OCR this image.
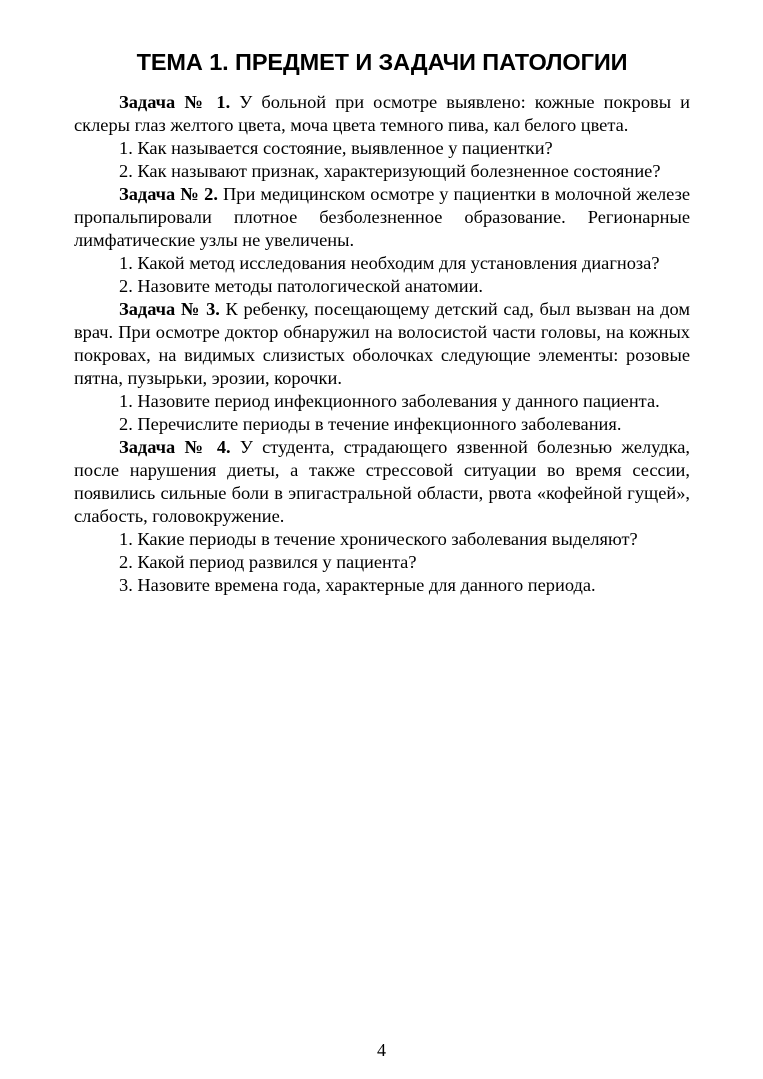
ТЕМА 1. ПРЕДМЕТ И ЗАДАЧИ ПАТОЛОГИИ

Задача № 1. У больной при осмотре выявлено: кожные покровы и склеры глаз желтого цвета, моча цвета темного пива, кал белого цвета.

1. Как называется состояние, выявленное у пациентки?

2. Как называют признак, характеризующий болезненное состояние?

Задача № 2. При медицинском осмотре у пациентки в молочной железе пропальпировали плотное безболезненное образование. Регионарные лимфатические узлы не увеличены.

1. Какой метод исследования необходим для установления диагноза?

2. Назовите методы патологической анатомии.

Задача № 3. К ребенку, посещающему детский сад, был вызван на дом врач. При осмотре доктор обнаружил на волосистой части головы, на кожных покровах, на видимых слизистых оболочках следующие элементы: розовые пятна, пузырьки, эрозии, корочки.

1. Назовите период инфекционного заболевания у данного пациента.

2. Перечислите периоды в течение инфекционного заболевания.

Задача № 4. У студента, страдающего язвенной болезнью желудка, после нарушения диеты, а также стрессовой ситуации во время сессии, появились сильные боли в эпигастральной области, рвота «кофейной гущей», слабость, головокружение.

1. Какие периоды в течение хронического заболевания выделяют?

2. Какой период развился у пациента?

3. Назовите времена года, характерные для данного периода.

4
